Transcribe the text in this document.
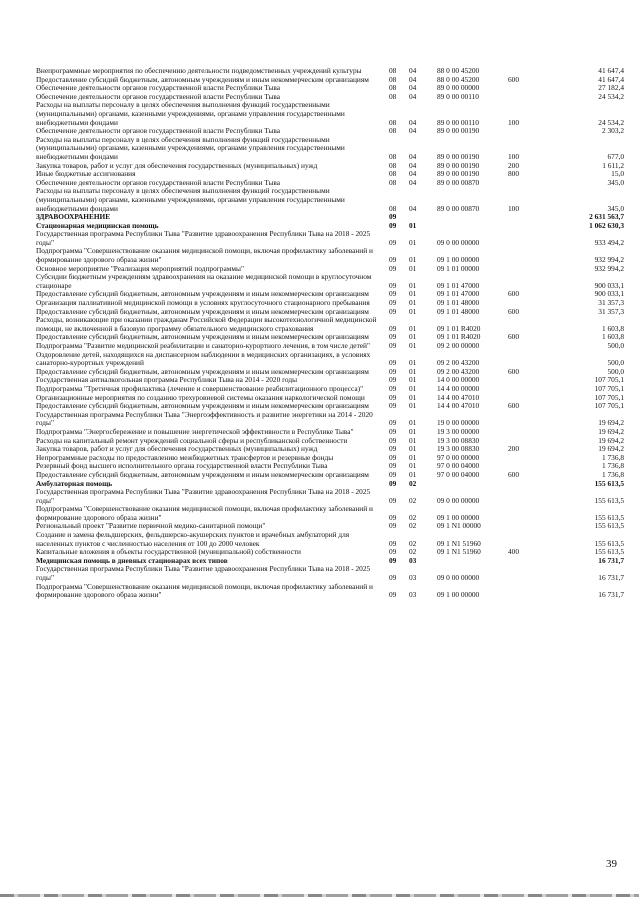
Внепрограммные мероприятия по обеспечению деятельности подведомственных учреждений культуры	08 04	88 0 00 45200	41 647,4
Предоставление субсидий бюджетным, автономным учреждениям и иным некоммерческим организациям	08 04	88 0 00 45200	600	41 647,4
Обеспечение деятельности органов государственной власти Республики Тыва	08 04	89 0 00 00000	27 182,4
Обеспечение деятельности органов государственной власти Республики Тыва	08 04	89 0 00 00110	24 534,2
Расходы на выплаты персоналу в целях обеспечения выполнения функций государственными (муниципальными) органами, казенными учреждениями, органами управления государственными внебюджетными фондами	08 04	89 0 00 00110	100	24 534,2
Обеспечение деятельности органов государственной власти Республики Тыва	08 04	89 0 00 00190	2 303,2
Расходы на выплаты персоналу в целях обеспечения выполнения функций государственными (муниципальными) органами, казенными учреждениями, органами управления государственными внебюджетными фондами	08 04	89 0 00 00190	100	677,0
Закупка товаров, работ и услуг для обеспечения государственных (муниципальных) нужд	08 04	89 0 00 00190	200	1 611,2
Иные бюджетные ассигнования	08 04	89 0 00 00190	800	15,0
Обеспечение деятельности органов государственной власти Республики Тыва	08 04	89 0 00 00870	345,0
Расходы на выплаты персоналу в целях обеспечения выполнения функций государственными (муниципальными) органами, казенными учреждениями, органами управления государственными внебюджетными фондами	08 04	89 0 00 00870	100	345,0
ЗДРАВООХРАНЕНИЕ	09	2 631 563,7
Стационарная медицинская помощь	09 01	1 062 630,3
Государственная программа Республики Тыва "Развитие здравоохранения Республики Тыва на 2018 - 2025 годы"	09 01	09 0 00 00000	933 494,2
Подпрограмма "Совершенствование оказания медицинской помощи, включая профилактику заболеваний и формирование здорового образа жизни"	09 01	09 1 00 00000	932 994,2
Основное мероприятие "Реализация мероприятий подпрограммы"	09 01	09 1 01 00000	932 994,2
Субсидии бюджетным учреждениям здравоохранения на оказание медицинской помощи в круглосуточном стационаре	09 01	09 1 01 47000	900 033,1
Предоставление субсидий бюджетным, автономным учреждениям и иным некоммерческим организациям	09 01	09 1 01 47000	600	900 033,1
Организация паллиативной медицинской помощи в условиях круглосуточного стационарного пребывания	09 01	09 1 01 48000	31 357,3
Предоставление субсидий бюджетным, автономным учреждениям и иным некоммерческим организациям	09 01	09 1 01 48000	600	31 357,3
Расходы, возникающие при оказании гражданам Российской Федерации высокотехнологичной медицинской помощи, не включенной в базовую программу обязательного медицинского страхования	09 01	09 1 01 R4020	1 603,8
Предоставление субсидий бюджетным, автономным учреждениям и иным некоммерческим организациям	09 01	09 1 01 R4020	600	1 603,8
Подпрограмма "Развитие медицинской реабилитации и санаторно-курортного лечения, в том числе детей"	09 01	09 2 00 00000	500,0
Оздоровление детей, находящихся на диспансерном наблюдении в медицинских организациях, в условиях санаторно-курортных учреждений	09 01	09 2 00 43200	500,0
Предоставление субсидий бюджетным, автономным учреждениям и иным некоммерческим организациям	09 01	09 2 00 43200	600	500,0
Государственная антиалкогольная программа Республики Тыва на 2014 - 2020 годы	09 01	14 0 00 00000	107 705,1
Подпрограмма "Третичная профилактика (лечение и совершенствование реабилитационного процесса)"	09 01	14 4 00 00000	107 705,1
Организационные мероприятия по созданию трехуровневой системы оказания наркологической помощи	09 01	14 4 00 47010	107 705,1
Предоставление субсидий бюджетным, автономным учреждениям и иным некоммерческим организациям	09 01	14 4 00 47010	600	107 705,1
Государственная программа Республики Тыва "Энергоэффективность и развитие энергетики на 2014 - 2020 годы"	09 01	19 0 00 00000	19 694,2
Подпрограмма "Энергосбережение и повышение энергетической эффективности в Республике Тыва"	09 01	19 3 00 00000	19 694,2
Расходы на капитальный ремонт учреждений социальной сферы и республиканской собственности	09 01	19 3 00 08830	19 694,2
Закупка товаров, работ и услуг для обеспечения государственных (муниципальных) нужд	09 01	19 3 00 08830	200	19 694,2
Непрограммные расходы по предоставлению межбюджетных трансфертов и резервные фонды	09 01	97 0 00 00000	1 736,8
Резервный фонд высшего исполнительного органа государственной власти Республики Тыва	09 01	97 0 00 04000	1 736,8
Предоставление субсидий бюджетным, автономным учреждениям и иным некоммерческим организациям	09 01	97 0 00 04000	600	1 736,8
Амбулаторная помощь	09 02	155 613,5
Государственная программа Республики Тыва "Развитие здравоохранения Республики Тыва на 2018 - 2025 годы"	09 02	09 0 00 00000	155 613,5
Подпрограмма "Совершенствование оказания медицинской помощи, включая профилактику заболеваний и формирование здорового образа жизни"	09 02	09 1 00 00000	155 613,5
Региональный проект "Развитие первичной медико-санитарной помощи"	09 02	09 1 N1 00000	155 613,5
Создание и замена фельдшерских, фельдшерско-акушерских пунктов и врачебных амбулаторий для населенных пунктов с численностью населения от 100 до 2000 человек	09 02	09 1 N1 51960	155 613,5
Капитальные вложения в объекты государственной (муниципальной) собственности	09 02	09 1 N1 51960	400	155 613,5
Медицинская помощь в дневных стационарах всех типов	09 03	16 731,7
Государственная программа Республики Тыва "Развитие здравоохранения Республики Тыва на 2018 - 2025 годы"	09 03	09 0 00 00000	16 731,7
Подпрограмма "Совершенствование оказания медицинской помощи, включая профилактику заболеваний и формирование здорового образа жизни"	09 03	09 1 00 00000	16 731,7
39
